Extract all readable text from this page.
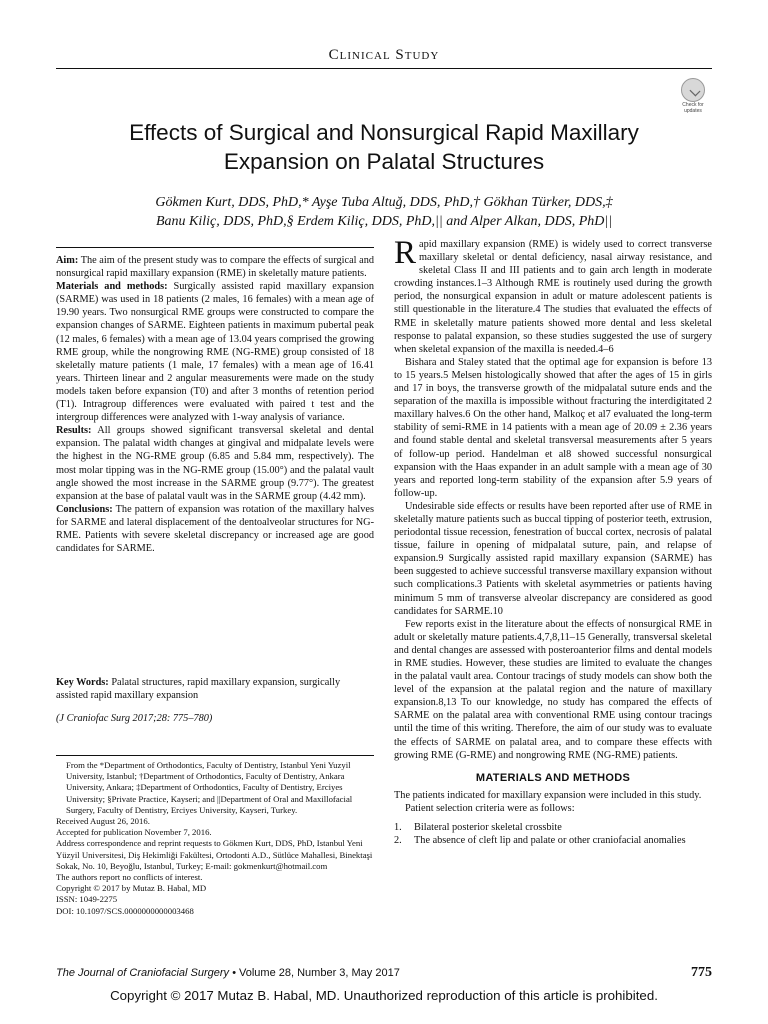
Clinical Study
Check for
updates
Effects of Surgical and Nonsurgical Rapid Maxillary
Expansion on Palatal Structures
Gökmen Kurt, DDS, PhD,* Ayşe Tuba Altuğ, DDS, PhD,† Gökhan Türker, DDS,‡
Banu Kiliç, DDS, PhD,§ Erdem Kiliç, DDS, PhD,|| and Alper Alkan, DDS, PhD||

Aim: The aim of the present study was to compare the effects of surgical and nonsurgical rapid maxillary expansion (RME) in skeletally mature patients.

Materials and methods: Surgically assisted rapid maxillary expansion (SARME) was used in 18 patients (2 males, 16 females) with a mean age of 19.90 years. Two nonsurgical RME groups were constructed to compare the expansion changes of SARME. Eighteen patients in maximum pubertal peak (12 males, 6 females) with a mean age of 13.04 years comprised the growing RME group, while the nongrowing RME (NG-RME) group consisted of 18 skeletally mature patients (1 male, 17 females) with a mean age of 16.41 years. Thirteen linear and 2 angular measurements were made on the study models taken before expansion (T0) and after 3 months of retention period (T1). Intragroup differences were evaluated with paired t test and the intergroup differences were analyzed with 1-way analysis of variance.

Results: All groups showed significant transversal skeletal and dental expansion. The palatal width changes at gingival and midpalate levels were the highest in the NG-RME group (6.85 and 5.84 mm, respectively). The most molar tipping was in the NG-RME group (15.00°) and the palatal vault angle showed the most increase in the SARME group (9.77°). The greatest expansion at the base of palatal vault was in the SARME group (4.42 mm).

Conclusions: The pattern of expansion was rotation of the maxillary halves for SARME and lateral displacement of the dentoalveolar structures for NG-RME. Patients with severe skeletal discrepancy or increased age are good candidates for SARME.

Key Words: Palatal structures, rapid maxillary expansion, surgically assisted rapid maxillary expansion
(J Craniofac Surg 2017;28: 775–780)

From the *Department of Orthodontics, Faculty of Dentistry, Istanbul Yeni Yuzyil University, Istanbul; †Department of Orthodontics, Faculty of Dentistry, Ankara University, Ankara; ‡Department of Orthodontics, Faculty of Dentistry, Erciyes University; §Private Practice, Kayseri; and ||Department of Oral and Maxillofacial Surgery, Faculty of Dentistry, Erciyes University, Kayseri, Turkey.

Received August 26, 2016.

Accepted for publication November 7, 2016.

Address correspondence and reprint requests to Gökmen Kurt, DDS, PhD, Istanbul Yeni Yüzyil Universitesi, Diş Hekimliği Fakültesi, Ortodonti A.D., Sütlüce Mahallesi, Binektaşi Sokak, No. 10, Beyoğlu, Istanbul, Turkey; E-mail: gokmenkurt@hotmail.com

The authors report no conflicts of interest.

Copyright © 2017 by Mutaz B. Habal, MD

ISSN: 1049-2275

DOI: 10.1097/SCS.0000000000003468

Rapid maxillary expansion (RME) is widely used to correct transverse maxillary skeletal or dental deficiency, nasal airway resistance, and skeletal Class II and III patients and to gain arch length in moderate crowding instances.1–3 Although RME is routinely used during the growth period, the nonsurgical expansion in adult or mature adolescent patients is still questionable in the literature.4 The studies that evaluated the effects of RME in skeletally mature patients showed more dental and less skeletal response to palatal expansion, so these studies suggested the use of surgery when skeletal expansion of the maxilla is needed.4–6

Bishara and Staley stated that the optimal age for expansion is before 13 to 15 years.5 Melsen histologically showed that after the ages of 15 in girls and 17 in boys, the transverse growth of the midpalatal suture ends and the separation of the maxilla is impossible without fracturing the interdigitated 2 maxillary halves.6 On the other hand, Malkoç et al7 evaluated the long-term stability of semi-RME in 14 patients with a mean age of 20.09 ± 2.36 years and found stable dental and skeletal transversal measurements after 5 years of follow-up period. Handelman et al8 showed successful nonsurgical expansion with the Haas expander in an adult sample with a mean age of 30 years and reported long-term stability of the expansion after 5.9 years of follow-up.

Undesirable side effects or results have been reported after use of RME in skeletally mature patients such as buccal tipping of posterior teeth, extrusion, periodontal tissue recession, fenestration of buccal cortex, necrosis of palatal tissue, failure in opening of midpalatal suture, pain, and relapse of expansion.9 Surgically assisted rapid maxillary expansion (SARME) has been suggested to achieve successful transverse maxillary expansion without such complications.3 Patients with skeletal asymmetries or patients having minimum 5 mm of transverse alveolar discrepancy are considered as good candidates for SARME.10

Few reports exist in the literature about the effects of nonsurgical RME in adult or skeletally mature patients.4,7,8,11–15 Generally, transversal skeletal and dental changes are assessed with posteroanterior films and dental models in RME studies. However, these studies are limited to evaluate the changes in the palatal vault area. Contour tracings of study models can show both the level of the expansion at the palatal region and the nature of maxillary expansion.8,13 To our knowledge, no study has compared the effects of SARME on the palatal area with conventional RME using contour tracings until the time of this writing. Therefore, the aim of our study was to evaluate the effects of SARME on palatal area, and to compare these effects with growing RME (G-RME) and nongrowing RME (NG-RME) patients.

MATERIALS AND METHODS

The patients indicated for maxillary expansion were included in this study.

Patient selection criteria were as follows:

1.	Bilateral posterior skeletal crossbite
2.	The absence of cleft lip and palate or other craniofacial anomalies
The Journal of Craniofacial Surgery • Volume 28, Number 3, May 2017	775
Copyright © 2017 Mutaz B. Habal, MD. Unauthorized reproduction of this article is prohibited.
